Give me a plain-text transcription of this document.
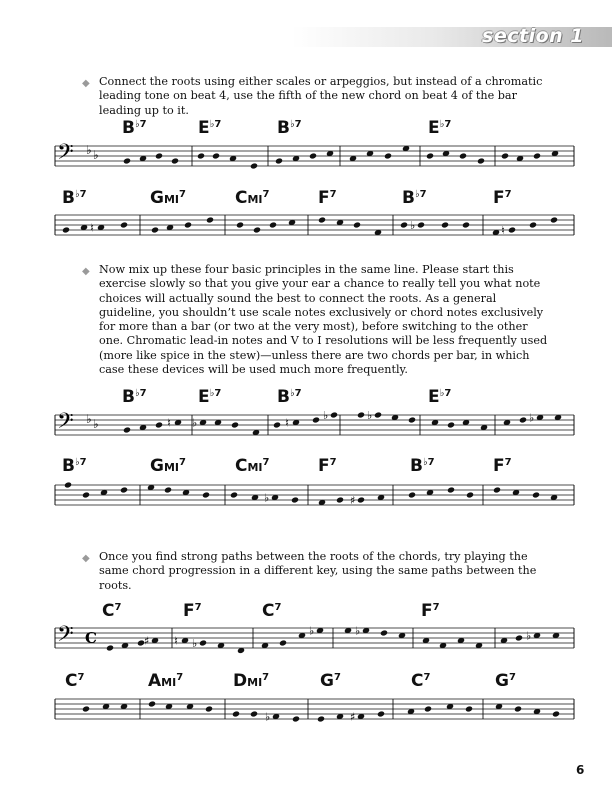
section 1
◆ Connect the roots using either scales or arpeggios, but instead of a chromatic leading tone on beat 4, use the fifth of the new chord on beat 4 of the bar leading up to it.
◆ Now mix up these four basic principles in the same line. Please start this exercise slowly so that you give your ear a chance to really tell you what note choices will actually sound the best to connect the roots. As a general guideline, you shouldn’t use scale notes exclusively or chord notes exclusively for more than a bar (or two at the very most), before switching to the other one. Chromatic lead-in notes and V to I resolutions will be less frequently used (more like spice in the stew)—unless there are two chords per bar, in which case these devices will be used much more frequently.
◆ Once you find strong paths between the roots of the chords, try playing the same chord progression in a different key, using the same paths between the roots.
𝄢 ♭ ♭
$B^{♭7}$	$E^{♭7}$	$B^{♭7}$	$E^{♭7}$
$B^{♭7}$	GMI$^7$	CMI$^7$	$F^7$	$B^{♭7}$	$F^7$
♮	♭	♮
𝄢 ♭ ♭
$B^{♭7}$	$E^{♭7}$	$B^{♭7}$	$E^{♭7}$
♮ ♭	♮
♭	♭	♭
$B^{♭7}$	GMI$^7$	CMI$^7$	$F^7$	$B^{♭7}$	$F^7$
♭	♯
𝄢 C
$C^7$	$F^7$	$C^7$	$F^7$
♯ ♮ ♭
♭	♭	♭
$C^7$	AMI$^7$	DMI$^7$	$G^7$	$C^7$	$G^7$
♭	♯
6
